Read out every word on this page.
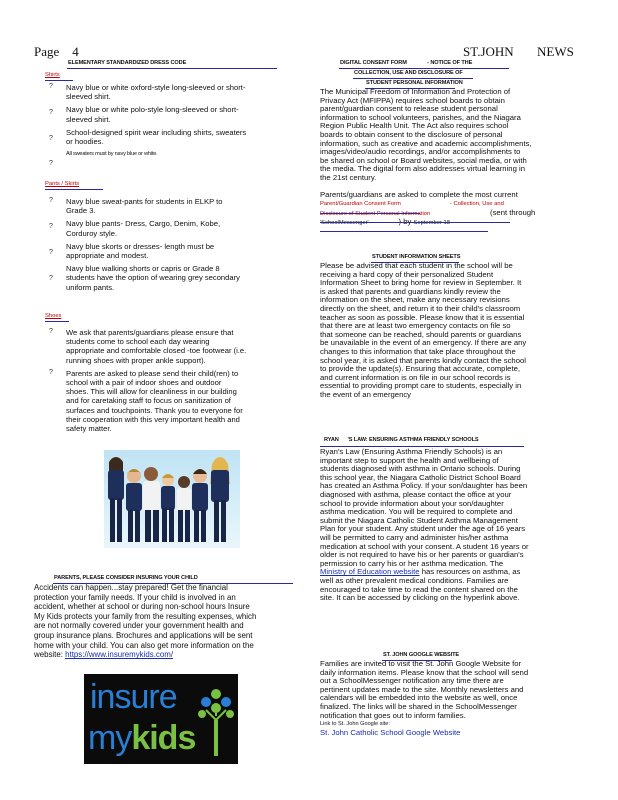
Page 4	ST.JOHN NEWS
ELEMENTARY STANDARDIZED DRESS CODE
Shirts
Navy blue or white oxford-style long-sleeved or short-
sleeved shirt.
Navy blue or white polo-style long-sleeved or short-
sleeved shirt.
School-designed spirit wear including shirts, sweaters
or hoodies.
All sweaters must by navy blue or white.
?
?
?
?
Pants / Skirts
Navy blue sweat-pants for students in ELKP to
Grade 3.
Navy blue pants- Dress, Cargo, Denim, Kobe,
Corduroy style.
Navy blue skorts or dresses- length must be
appropriate and modest.
Navy blue walking shorts or capris or Grade 8
students have the option of wearing grey secondary
uniform pants.
?
?
?
?
Shoes
We ask that parents/guardians please ensure that
students come to school each day wearing
appropriate and comfortable closed -toe footwear (i.e.
running shoes with proper ankle support).
Parents are asked to please send their child(ren) to
school with a pair of indoor shoes and outdoor
shoes. This will allow for cleanliness in our building
and for caretaking staff to focus on sanitization of
surfaces and touchpoints. Thank you to everyone for
their cooperation with this very important health and
safety matter.
?
?
PARENTS, PLEASE CONSIDER INSURING YOUR CHILD
Accidents can happen...stay prepared! Get the financial
protection your family needs. If your child is involved in an
accident, whether at school or during non-school hours Insure
My Kids protects your family from the resulting expenses, which
are not normally covered under your government health and
group insurance plans. Brochures and applications will be sent
home with your child. You can also get more information on the
website: https://www.insuremykids.com/
insure
mykids
DIGITAL CONSENT FORM	- NOTICE OF THE
COLLECTION, USE AND DISCLOSURE OF
STUDENT PERSONAL INFORMATION
The Municipal Freedom of Information and Protection of
Privacy Act (MFIPPA) requires school boards to obtain
parent/guardian consent to release student personal
information to school volunteers, parishes, and the Niagara
Region Public Health Unit. The Act also requires school
boards to obtain consent to the disclosure of personal
information, such as creative and academic accomplishments,
images/video/audio recordings, and/or accomplishments to
be shared on school or Board websites, social media, or with
the media. The digital form also addresses virtual learning in
the 21st century.
Parents/guardians are asked to complete the most current
Parent/Guardian Consent Form	- Collection, Use and
Disclosure of Student Personal Information	(sent through
'SchoolMessenger'	) by September 18
STUDENT INFORMATION SHEETS
Please be advised that each student in the school will be
receiving a hard copy of their personalized Student
Information Sheet to bring home for review in September. It
is asked that parents and guardians kindly review the
information on the sheet, make any necessary revisions
directly on the sheet, and return it to their child's classroom
teacher as soon as possible. Please know that it is essential
that there are at least two emergency contacts on file so
that someone can be reached, should parents or guardians
be unavailable in the event of an emergency. If there are any
changes to this information that take place throughout the
school year, it is asked that parents kindly contact the school
to provide the update(s). Ensuring that accurate, complete,
and current information is on file in our school records is
essential to providing prompt care to students, especially in
the event of an emergency
RYAN 'S LAW: ENSURING ASTHMA FRIENDLY SCHOOLS
Ryan's Law (Ensuring Asthma Friendly Schools) is an
important step to support the health and wellbeing of
students diagnosed with asthma in Ontario schools. During
this school year, the Niagara Catholic District School Board
has created an Asthma Policy. If your son/daughter has been
diagnosed with asthma, please contact the office at your
school to provide information about your son/daughter
asthma medication. You will be required to complete and
submit the Niagara Catholic Student Asthma Management
Plan for your student. Any student under the age of 16 years
will be permitted to carry and administer his/her asthma
medication at school with your consent. A student 16 years or
older is not required to have his or her parents or guardian's
permission to carry his or her asthma medication. The
Ministry of Education website has resources on asthma, as
well as other prevalent medical conditions. Families are
encouraged to take time to read the content shared on the
site. It can be accessed by clicking on the hyperlink above.
ST. JOHN GOOGLE WEBSITE
Families are invited to visit the St. John Google Website for
daily information items. Please know that the school will send
out a SchoolMessenger notification any time there are
pertinent updates made to the site. Monthly newsletters and
calendars will be embedded into the website as well, once
finalized. The links will be shared in the SchoolMessenger
notification that goes out to inform families.
Link to St. John Google site:
St. John Catholic School Google Website
